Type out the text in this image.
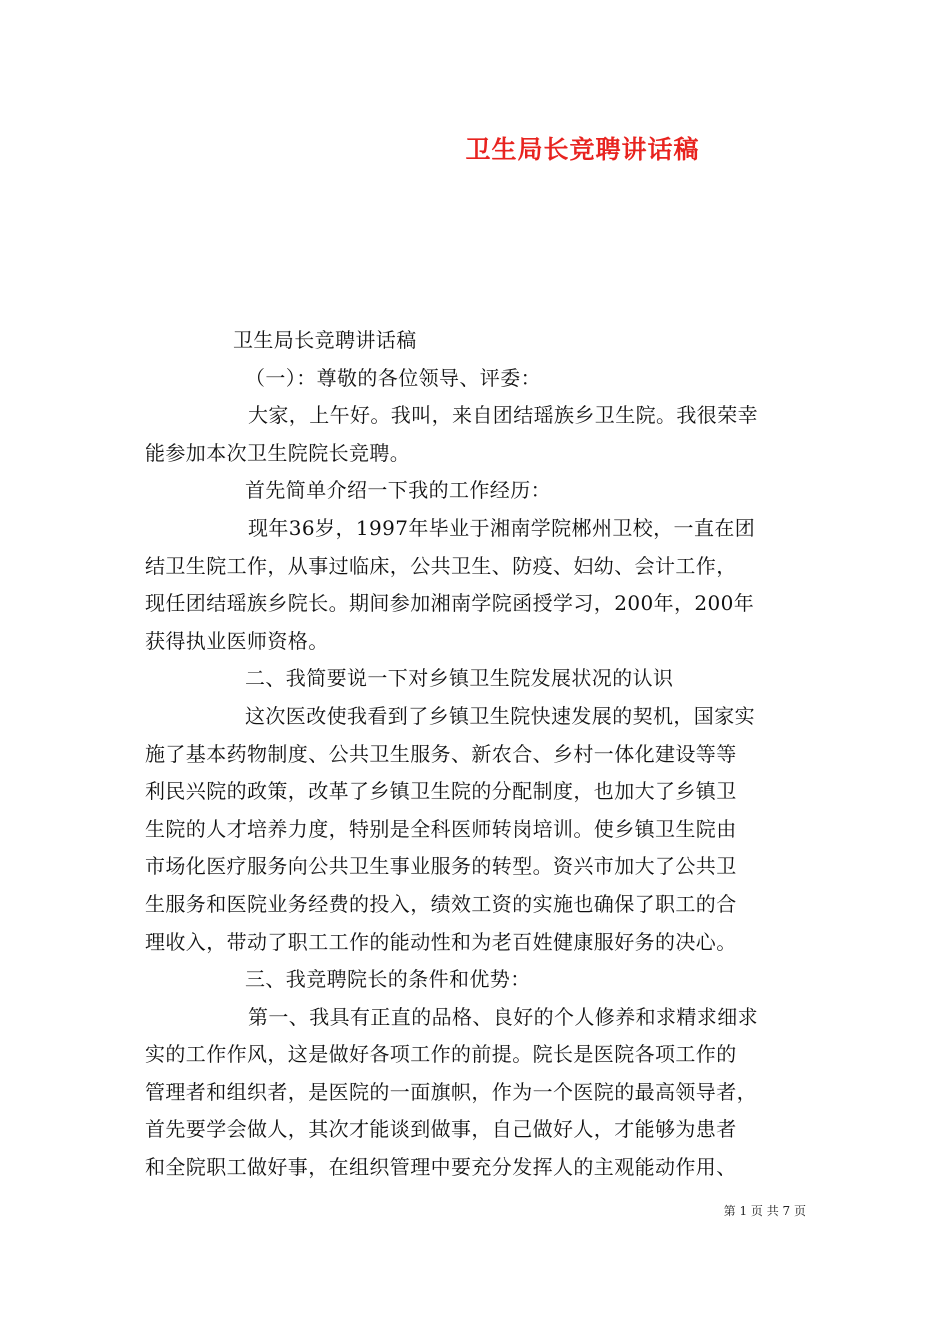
卫生局长竞聘讲话稿
卫生局长竞聘讲话稿
（一）：尊敬的各位领导、评委：
大家，上午好。我叫，来自团结瑶族乡卫生院。我很荣幸
能参加本次卫生院院长竞聘。
首先简单介绍一下我的工作经历：
现年36岁，1997年毕业于湘南学院郴州卫校，一直在团
结卫生院工作，从事过临床，公共卫生、防疫、妇幼、会计工作，
现任团结瑶族乡院长。期间参加湘南学院函授学习，200年，200年
获得执业医师资格。
二、我简要说一下对乡镇卫生院发展状况的认识
这次医改使我看到了乡镇卫生院快速发展的契机，国家实
施了基本药物制度、公共卫生服务、新农合、乡村一体化建设等等
利民兴院的政策，改革了乡镇卫生院的分配制度，也加大了乡镇卫
生院的人才培养力度，特别是全科医师转岗培训。使乡镇卫生院由
市场化医疗服务向公共卫生事业服务的转型。资兴市加大了公共卫
生服务和医院业务经费的投入，绩效工资的实施也确保了职工的合
理收入，带动了职工工作的能动性和为老百姓健康服好务的决心。
三、我竞聘院长的条件和优势：
第一、我具有正直的品格、良好的个人修养和求精求细求
实的工作作风，这是做好各项工作的前提。院长是医院各项工作的
管理者和组织者，是医院的一面旗帜，作为一个医院的最高领导者，
首先要学会做人，其次才能谈到做事，自己做好人，才能够为患者
和全院职工做好事，在组织管理中要充分发挥人的主观能动作用、
第 1 页 共 7 页
